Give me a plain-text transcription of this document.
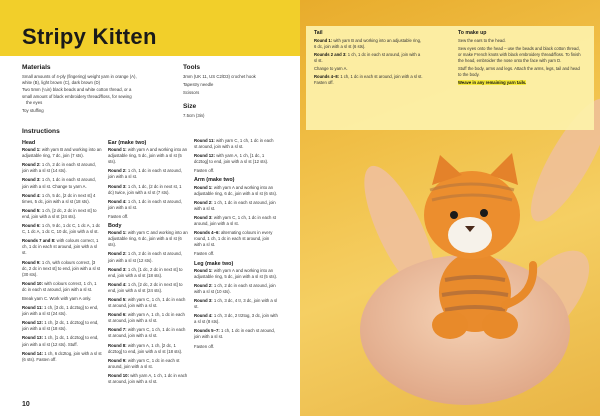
Stripy Kitten
Materials
Small amounts of 4-ply (fingering) weight yarn in orange (A),
white (B), light brown (C), dark brown (D)
Two 5mm (¼in) black beads and white cotton thread, or a
small amount of black embroidery thread/floss, for sewing
the eyes
Toy stuffing
Tools
3mm (UK 11, US C2/D3) crochet hook
Tapestry needle
Scissors
Size
7.5cm (3in)
Instructions
Head

Round 1: with yarn B and working into an adjustable ring, 7 dc, join (7 sts).

Round 2: 1 ch, 2 dc in each st around, join with a sl st (14 sts).

Round 3: 1 ch, 1 dc in each st around, join with a sl st. Change to yarn A.

Round 4: 1 ch, 5 dc, [2 dc in next st] 4 times, 5 dc, join with a sl st (18 sts).

Round 5: 1 ch, [2 dc, 2 dc in next st] to end, join with a sl st (24 sts).

Round 6: 1 ch, 9 dc, 1 dc C, 1 dc A, 1 dc C, 1 dc A, 1 dc C, 10 dc, join with a sl st.

Rounds 7 and 8: with colours correct, 1 ch, 1 dc in each st around, join with a sl st.

Round 9: 1 ch, with colours correct, [3 dc, 2 dc in next st] to end, join with a sl st (30 sts).

Round 10: with colours correct, 1 ch, 1 dc in each st around, join with a sl st.

Break yarn C. Work with yarn A only.

Round 11: 1 ch, [3 dc, 1 dc2tog] to end, join with a sl st (24 sts).

Round 12: 1 ch, [2 dc, 1 dc2tog] to end, join with a sl st (18 sts).

Round 13: 1 ch, [1 dc, 1 dc2tog] to end, join with a sl st (12 sts). Stuff.

Round 14: 1 ch, 6 dc2tog, join with a sl st (6 sts). Fasten off.

Ear (make two)

Round 1: with yarn A and working into an adjustable ring, 5 dc, join with a sl st (5 sts).

Round 2: 1 ch, 1 dc in each st around, join with a sl st.

Round 3: 1 ch, 1 dc, (2 dc in next st, 1 dc) twice, join with a sl st (7 sts).

Round 4: 1 ch, 1 dc in each st around, join with a sl st.

Fasten off.

Body

Round 1: with yarn C and working into an adjustable ring, 6 dc, join with a sl st (6 sts).

Round 2: 1 ch, 2 dc in each st around, join with a sl st (12 sts).

Round 3: 1 ch, [1 dc, 2 dc in next st] to end, join with a sl st (18 sts).

Round 4: 1 ch, [2 dc, 2 dc in next st] to end, join with a sl st (24 sts).

Round 5: with yarn C, 1 ch, 1 dc in each st around, join with a sl st.

Round 6: with yarn A, 1 ch, 1 dc in each st around, join with a sl st.

Round 7: with yarn C, 1 ch, 1 dc in each st around, join with a sl st.

Round 8: with yarn A, 1 ch, [2 dc, 1 dc2tog] to end, join with a sl st (18 sts).

Round 9: with yarn C, 1 dc in each st around, join with a sl st.

Round 10: with yarn A, 1 ch, 1 dc in each st around, join with a sl st.

Round 11: with yarn C, 1 ch, 1 dc in each st around, join with a sl st.

Round 12: with yarn A, 1 ch, [1 dc, 1 dc2tog] to end, join with a sl st (12 sts).

Fasten off.

Arm (make two)

Round 1: with yarn A and working into an adjustable ring, 6 dc, join with a sl st (6 sts).

Round 2: 1 ch, 1 dc in each st around, join with a sl st.

Round 3: with yarn C, 1 ch, 1 dc in each st around, join with a sl st.

Rounds 4–6: alternating colours in every round, 1 ch, 1 dc in each st around, join with a sl st.

Fasten off.

Leg (make two)

Round 1: with yarn A and working into an adjustable ring, 5 dc, join with a sl st (5 sts).

Round 2: 1 ch, 2 dc in each st around, join with a sl st (10 sts).

Round 3: 1 ch, 3 dc, 4 tr, 3 dc, join with a sl st.

Round 4: 1 ch, 3 dc, 2 tr2tog, 3 dc, join with a sl st (8 sts).

Rounds 5–7: 1 ch, 1 dc in each st around, join with a sl st.

Fasten off.

10
Tail
Round 1: with yarn B and working into an adjustable ring, 6 dc, join with a sl st (6 sts).
Rounds 2 and 3: 1 ch, 1 dc in each st around, join with a sl st.
Change to yarn A.
Rounds 4–8: 1 ch, 1 dc in each st around, join with a sl st. Fasten off.
To make up
Sew the ears to the head.
Sew eyes onto the head – use the beads and black cotton thread, or make French knots with black embroidery thread/floss. To finish the head, embroider the nose onto the face with yarn D.
Stuff the body, arms and legs. Attach the arms, legs, tail and head to the body.
Weave in any remaining yarn tails.
